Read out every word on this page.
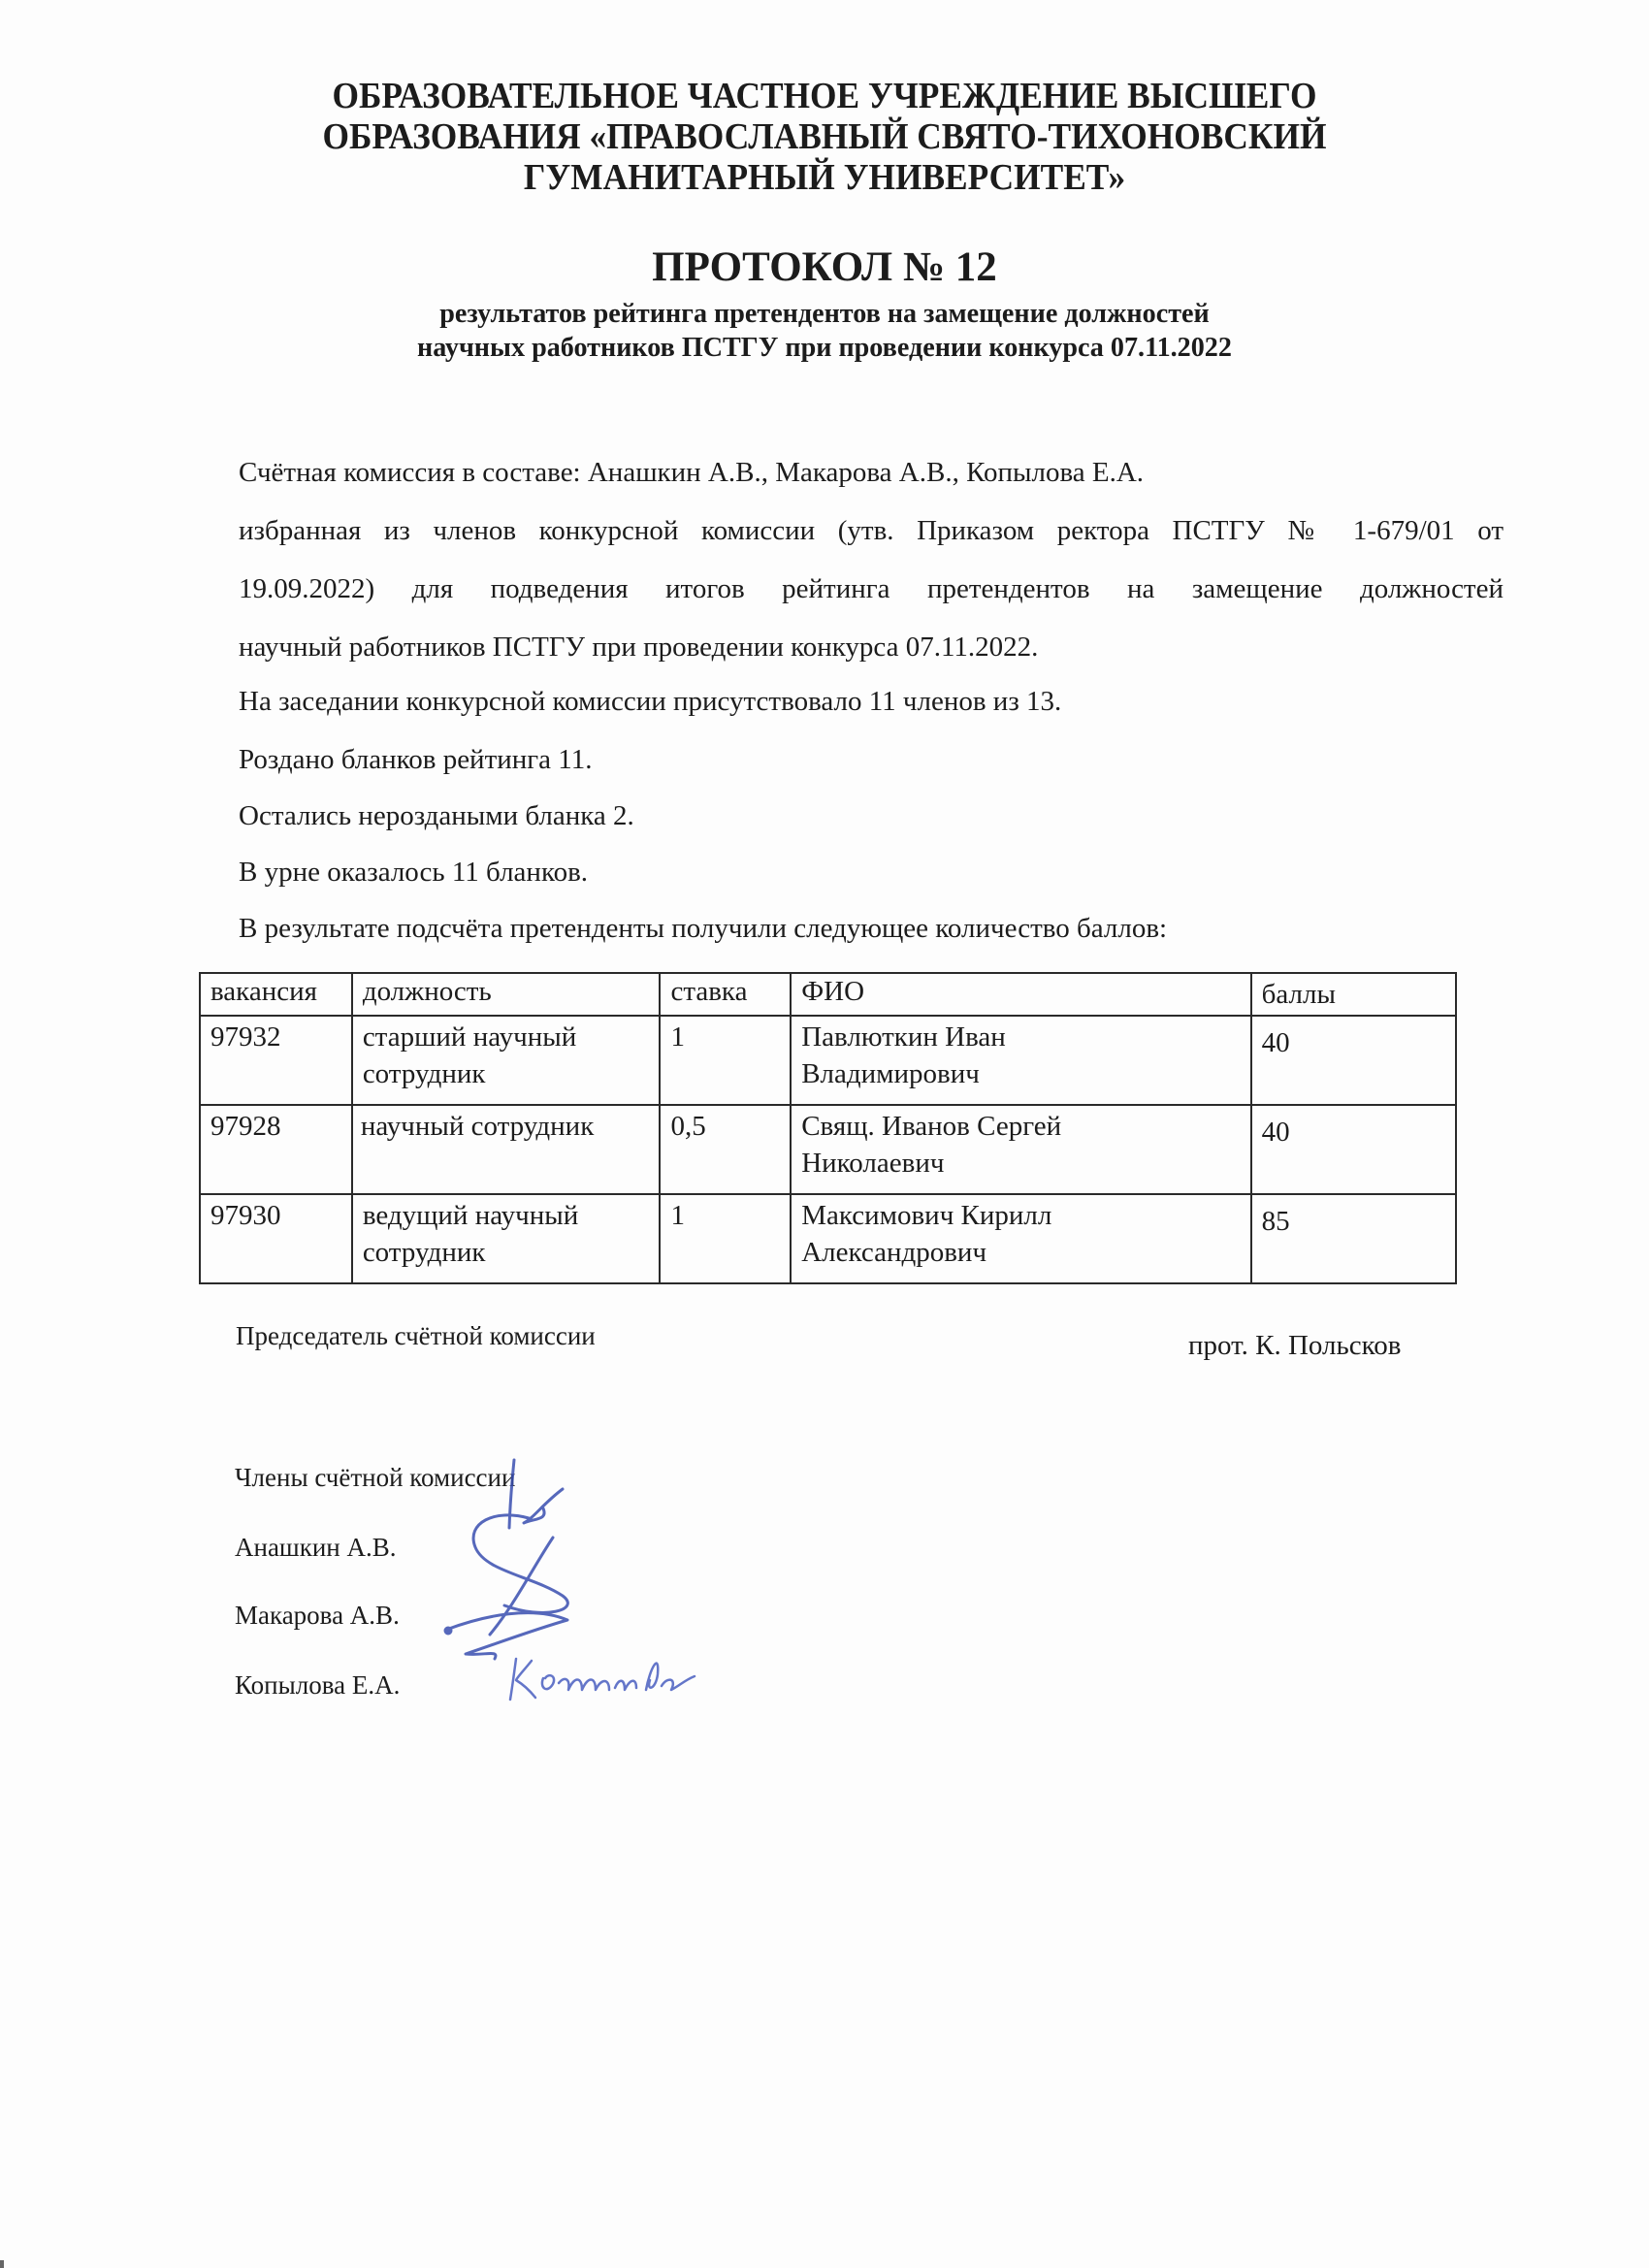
ОБРАЗОВАТЕЛЬНОЕ ЧАСТНОЕ УЧРЕЖДЕНИЕ ВЫСШЕГО
ОБРАЗОВАНИЯ «ПРАВОСЛАВНЫЙ СВЯТО-ТИХОНОВСКИЙ
ГУМАНИТАРНЫЙ УНИВЕРСИТЕТ»
ПРОТОКОЛ № 12
результатов рейтинга претендентов на замещение должностей
научных работников ПСТГУ при проведении конкурса 07.11.2022
Счётная комиссия в составе: Анашкин А.В., Макарова А.В., Копылова Е.А.
избранная из членов конкурсной комиссии (утв. Приказом ректора ПСТГУ № 1-679/01 от
19.09.2022) для подведения итогов рейтинга претендентов на замещение должностей
научный работников ПСТГУ при проведении конкурса 07.11.2022.
На заседании конкурсной комиссии присутствовало 11 членов из 13.
Роздано бланков рейтинга 11.
Остались нероздаными бланка 2.
В урне оказалось 11 бланков.
В результате подсчёта претенденты получили следующее количество баллов:
вакансия	должность	ставка	ФИО	баллы
97932	старший научный сотрудник	1	Павлюткин Иван Владимирович	40
97928	научный сотрудник	0,5	Свящ. Иванов Сергей Николаевич	40
97930	ведущий научный сотрудник	1	Максимович Кирилл Александрович	85
Председатель счётной комиссии	прот. К. Польсков
Члены счётной комиссии
Анашкин А.В.
Макарова А.В.
Копылова Е.А.
